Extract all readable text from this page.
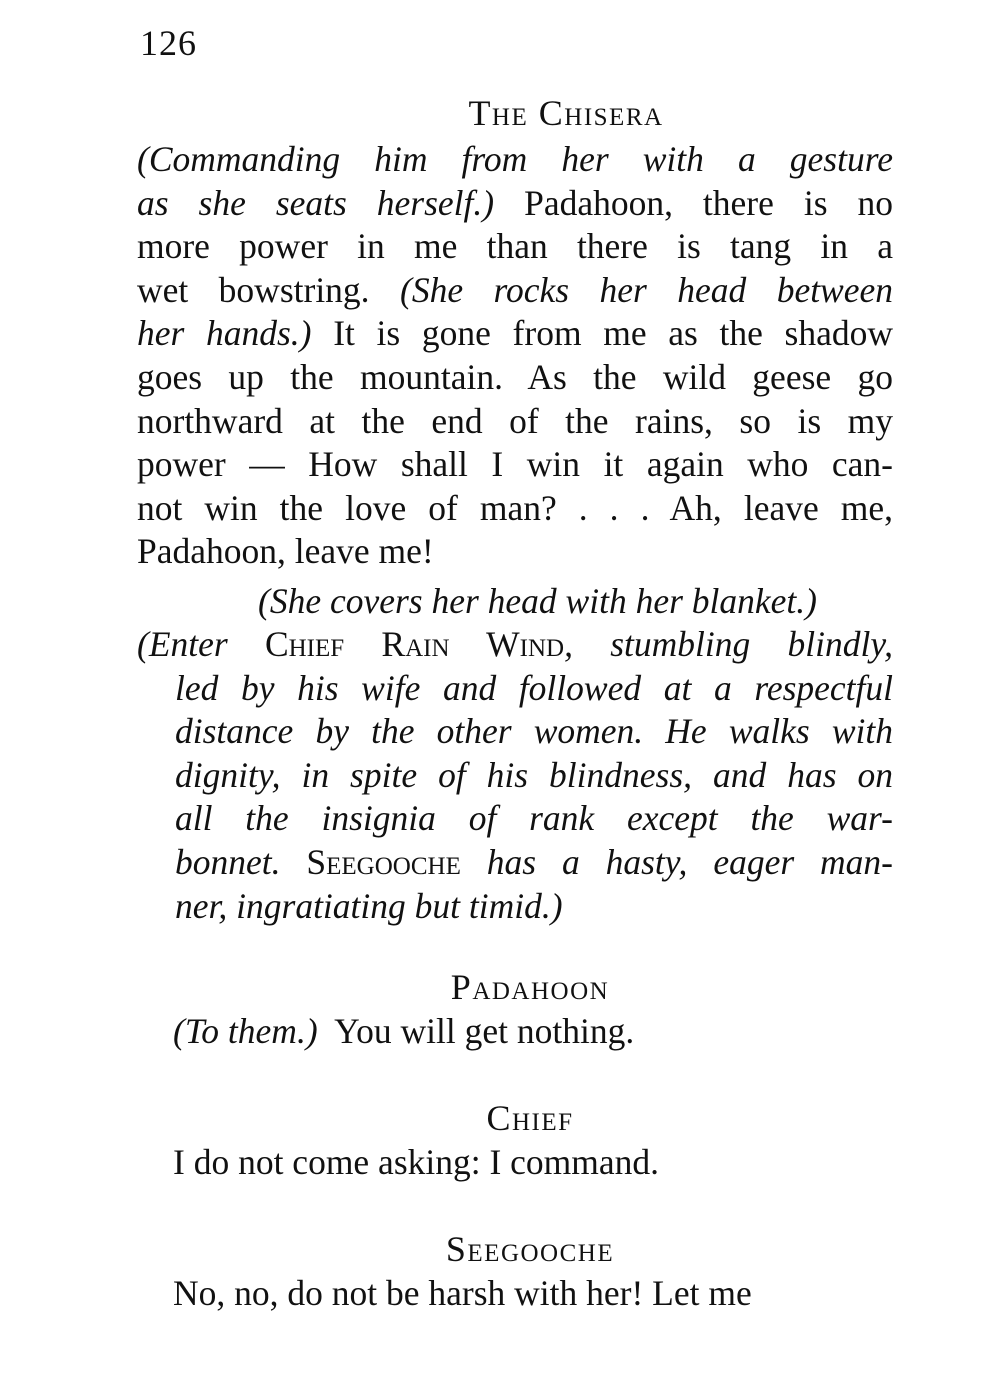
126
The Chisera
(Commanding him from her with a gesture
as she seats herself.) Padahoon, there is no
more power in me than there is tang in a
wet bowstring. (She rocks her head between
her hands.) It is gone from me as the shadow
goes up the mountain. As the wild geese go
northward at the end of the rains, so is my
power — How shall I win it again who can-
not win the love of man? . . . Ah, leave me,
Padahoon, leave me!
(She covers her head with her blanket.)
(Enter Chief Rain Wind, stumbling blindly,
led by his wife and followed at a respectful
distance by the other women. He walks with
dignity, in spite of his blindness, and has on
all the insignia of rank except the war-
bonnet. Seegooche has a hasty, eager man-
ner, ingratiating but timid.)
Padahoon
(To them.) You will get nothing.
Chief
I do not come asking: I command.
Seegooche
No, no, do not be harsh with her! Let me
